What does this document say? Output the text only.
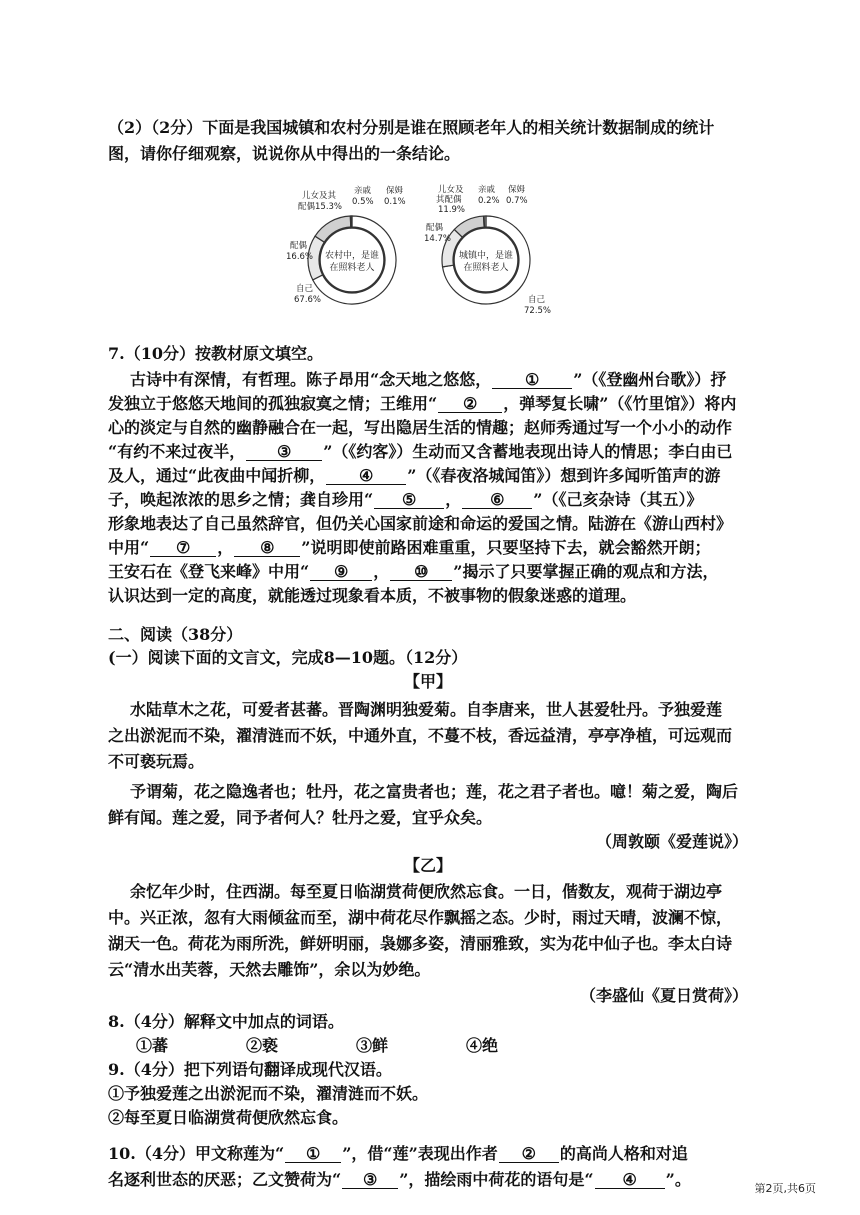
（2）（2分）下面是我国城镇和农村分别是谁在照顾老年人的相关统计数据制成的统计
图，请你仔细观察，说说你从中得出的一条结论。
农村中，是谁
在照料老人
儿女及其
配偶15.3%
亲戚
0.5%
保姆
0.1%
配偶
16.6%
自己
67.6%
城镇中，是谁
在照料老人
儿女及
其配偶
11.9%
亲戚
0.2%
保姆
0.7%
配偶
14.7%
自己
72.5%
7.（10分）按教材原文填空。
古诗中有深情，有哲理。陈子昂用“念天地之悠悠， ① ”（《登幽州台歌》）抒
发独立于悠悠天地间的孤独寂寞之情；王维用“ ② ，弹琴复长啸”（《竹里馆》）将内
心的淡定与自然的幽静融合在一起，写出隐居生活的情趣；赵师秀通过写一个小小的动作
“有约不来过夜半， ③ ”（《约客》）生动而又含蓄地表现出诗人的情思；李白由已
及人，通过“此夜曲中闻折柳， ④ ”（《春夜洛城闻笛》）想到许多闻听笛声的游
子，唤起浓浓的思乡之情；龚自珍用“ ⑤ ， ⑥ ”（《己亥杂诗（其五）》
形象地表达了自己虽然辞官，但仍关心国家前途和命运的爱国之情。陆游在《游山西村》
中用“ ⑦ ， ⑧ ”说明即使前路困难重重，只要坚持下去，就会豁然开朗；
王安石在《登飞来峰》中用“ ⑨ ， ⑩ ”揭示了只要掌握正确的观点和方法，
认识达到一定的高度，就能透过现象看本质，不被事物的假象迷惑的道理。
二、阅读（38分）
(一）阅读下面的文言文，完成8—10题。（12分）
【甲】
水陆草木之花，可爱者甚蕃。晋陶渊明独爱菊。自李唐来，世人甚爱牡丹。予独爱莲
之出淤泥而不染，濯清涟而不妖，中通外直，不蔓不枝，香远益清，亭亭净植，可远观而
不可亵玩焉。
予谓菊，花之隐逸者也；牡丹，花之富贵者也；莲，花之君子者也。噫！菊之爱，陶后
鲜有闻。莲之爱，同予者何人？牡丹之爱，宜乎众矣。
（周敦颐《爱莲说》）
【乙】
余忆年少时，住西湖。每至夏日临湖赏荷便欣然忘食。一日，偕数友，观荷于湖边亭
中。兴正浓，忽有大雨倾盆而至，湖中荷花尽作飘摇之态。少时，雨过天晴，波澜不惊，
湖天一色。荷花为雨所洗，鲜妍明丽，袅娜多姿，清丽雅致，实为花中仙子也。李太白诗
云“清水出芙蓉，天然去雕饰”，余以为妙绝。
（李盛仙《夏日赏荷》）
8.（4分）解释文中加点的词语。
①蕃	②亵	③鲜	④绝
9.（4分）把下列语句翻译成现代汉语。
①予独爱莲之出淤泥而不染，濯清涟而不妖。
②每至夏日临湖赏荷便欣然忘食。
10.（4分）甲文称莲为“ ① ”，借“莲”表现出作者 ② 的高尚人格和对追
名逐利世态的厌恶；乙文赞荷为“ ③ ”，描绘雨中荷花的语句是“ ④ ”。	第2页,共6页
